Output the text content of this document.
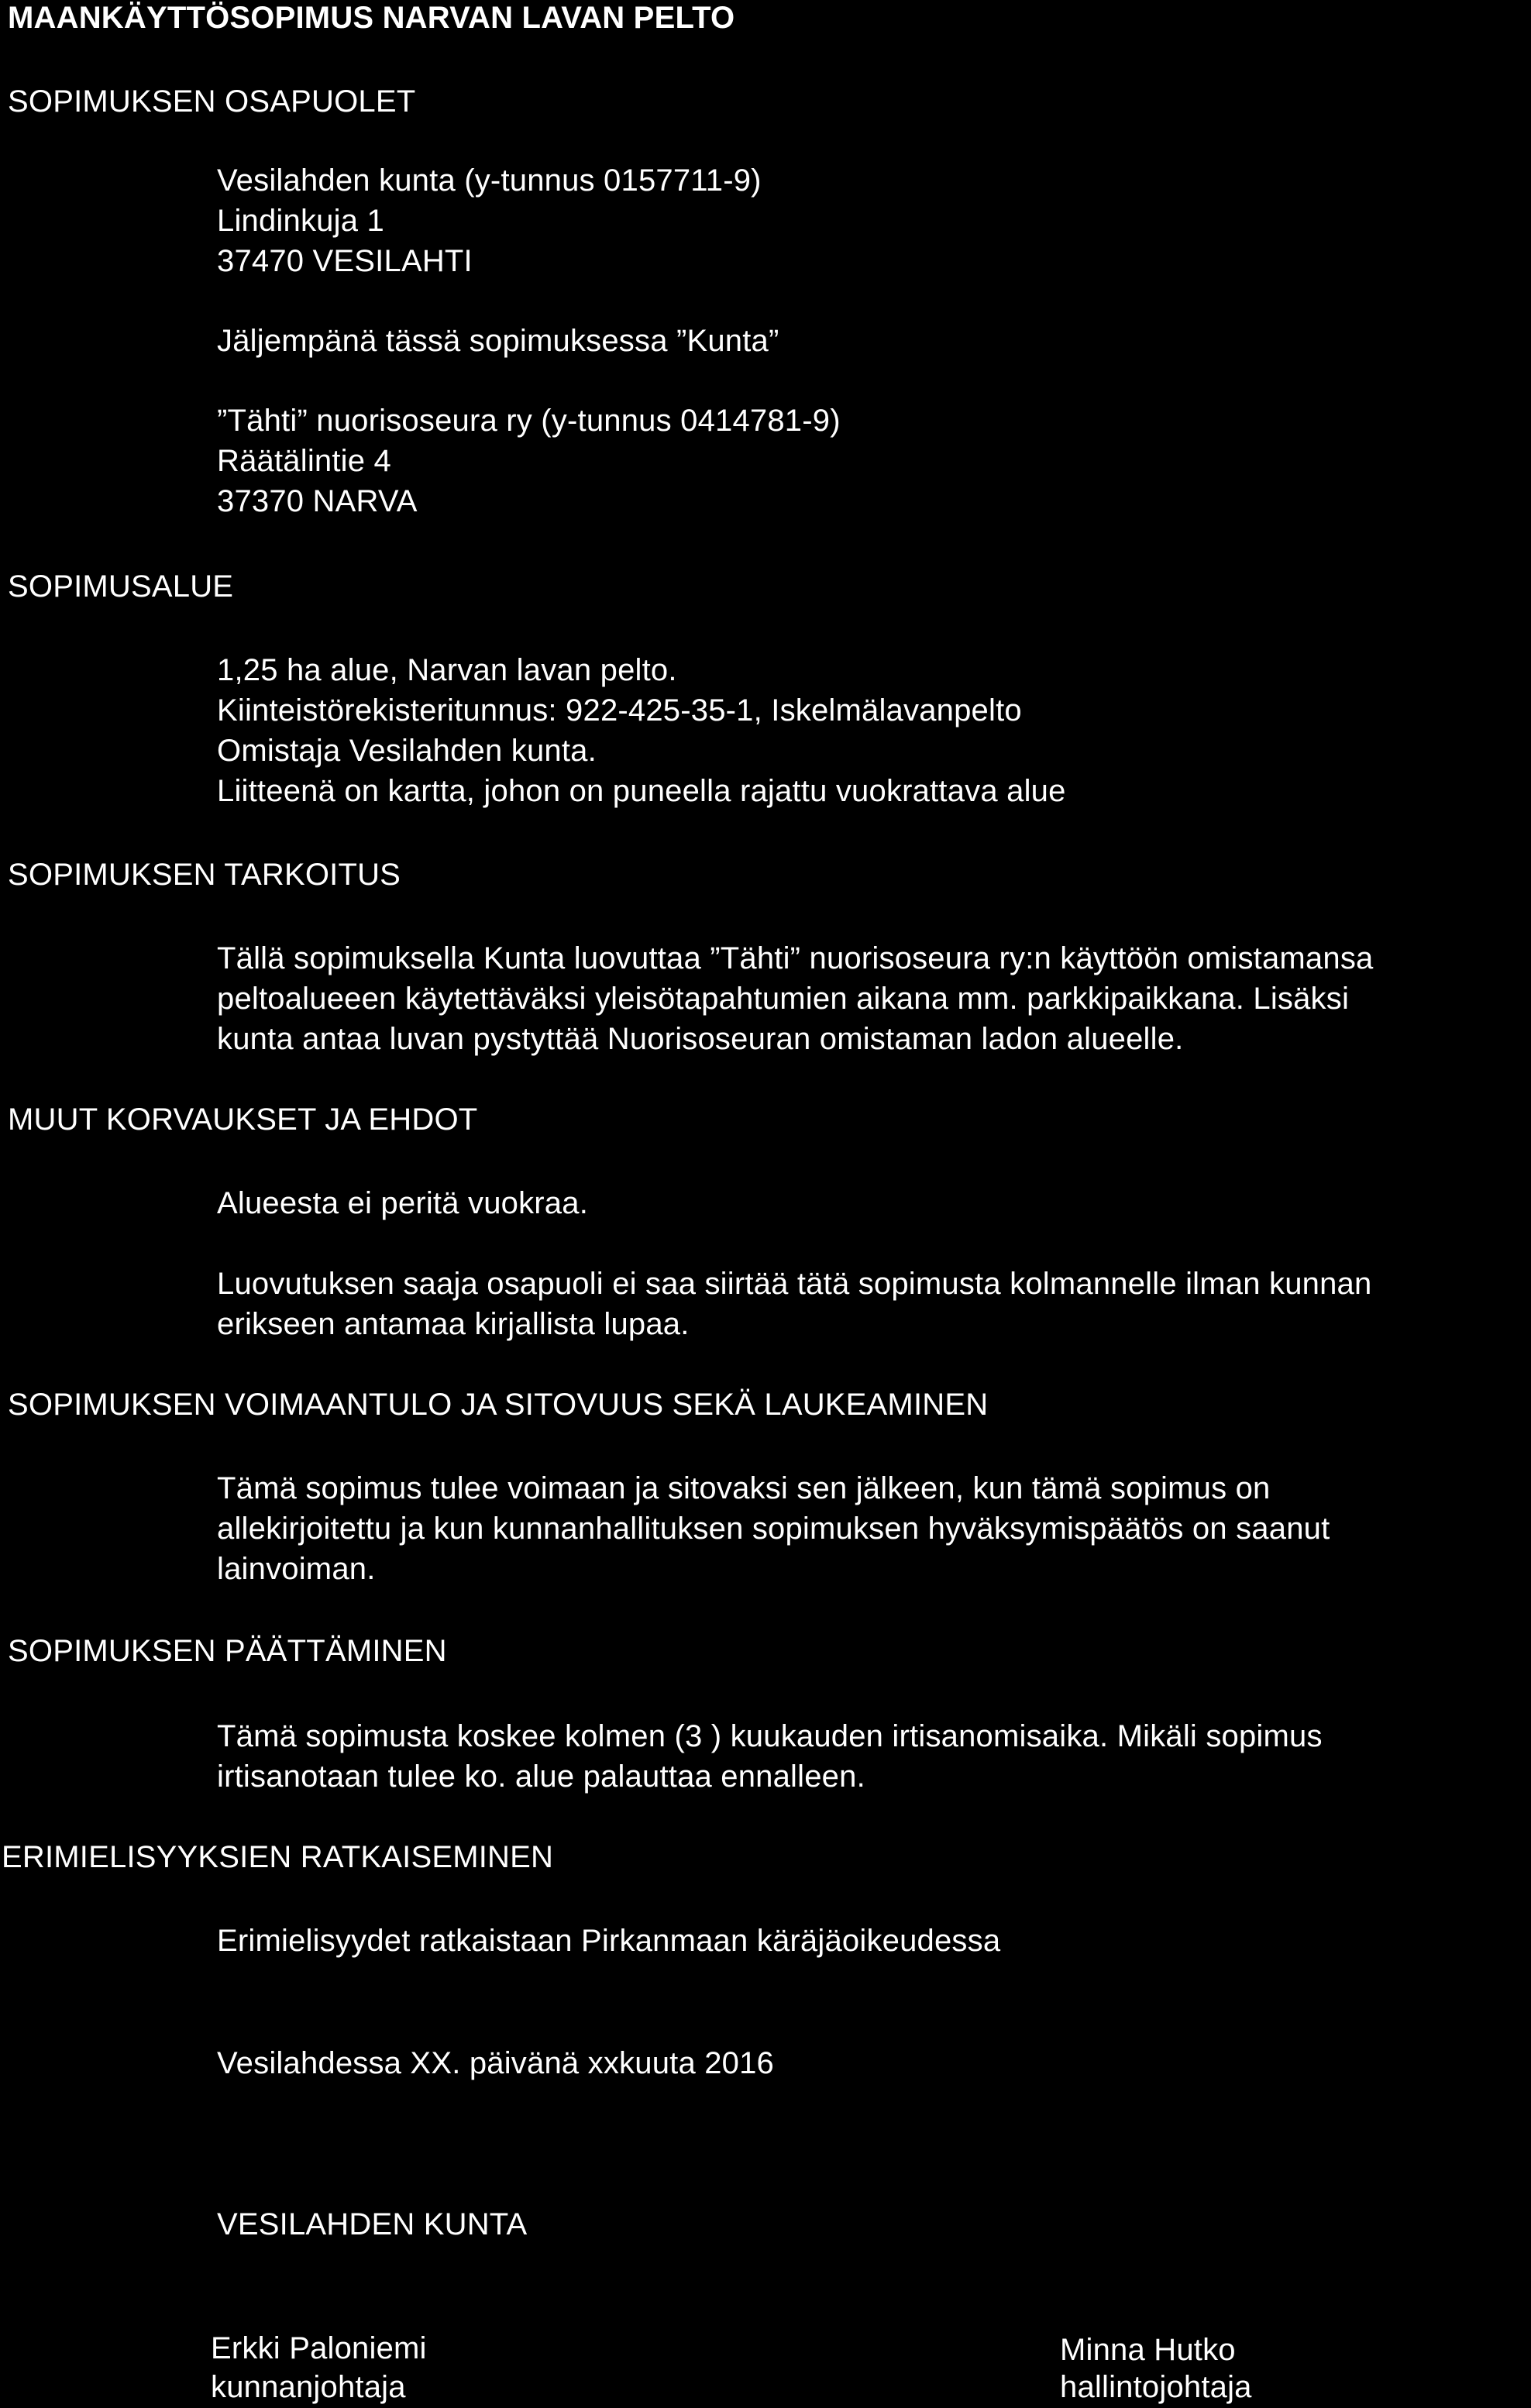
MAANKÄYTTÖSOPIMUS NARVAN LAVAN PELTO
SOPIMUKSEN OSAPUOLET
Vesilahden kunta (y-tunnus 0157711-9)
Lindinkuja 1
37470 VESILAHTI
Jäljempänä tässä sopimuksessa ”Kunta”
”Tähti” nuorisoseura ry (y-tunnus 0414781-9)
Räätälintie 4
37370 NARVA
SOPIMUSALUE
1,25 ha alue, Narvan lavan pelto.
Kiinteistörekisteritunnus: 922-425-35-1, Iskelmälavanpelto
Omistaja Vesilahden kunta.
Liitteenä on kartta, johon on puneella rajattu vuokrattava alue
SOPIMUKSEN TARKOITUS
Tällä sopimuksella Kunta luovuttaa ”Tähti” nuorisoseura ry:n käyttöön omistamansa
peltoalueeen käytettäväksi yleisötapahtumien aikana mm. parkkipaikkana. Lisäksi
kunta antaa luvan pystyttää Nuorisoseuran omistaman ladon alueelle.
MUUT KORVAUKSET JA EHDOT
Alueesta ei peritä vuokraa.
Luovutuksen saaja osapuoli ei saa siirtää tätä sopimusta kolmannelle ilman kunnan
erikseen antamaa kirjallista lupaa.
SOPIMUKSEN VOIMAANTULO JA SITOVUUS SEKÄ LAUKEAMINEN
Tämä sopimus tulee voimaan ja sitovaksi sen jälkeen, kun tämä sopimus on
allekirjoitettu ja kun kunnanhallituksen sopimuksen hyväksymispäätös on saanut
lainvoiman.
SOPIMUKSEN PÄÄTTÄMINEN
Tämä sopimusta koskee kolmen (3 ) kuukauden irtisanomisaika. Mikäli sopimus
irtisanotaan tulee ko. alue palauttaa ennalleen.
ERIMIELISYYKSIEN RATKAISEMINEN
Erimielisyydet ratkaistaan Pirkanmaan käräjäoikeudessa
Vesilahdessa XX. päivänä xxkuuta 2016
VESILAHDEN KUNTA
Erkki Paloniemi
kunnanjohtaja
Minna Hutko
hallintojohtaja
